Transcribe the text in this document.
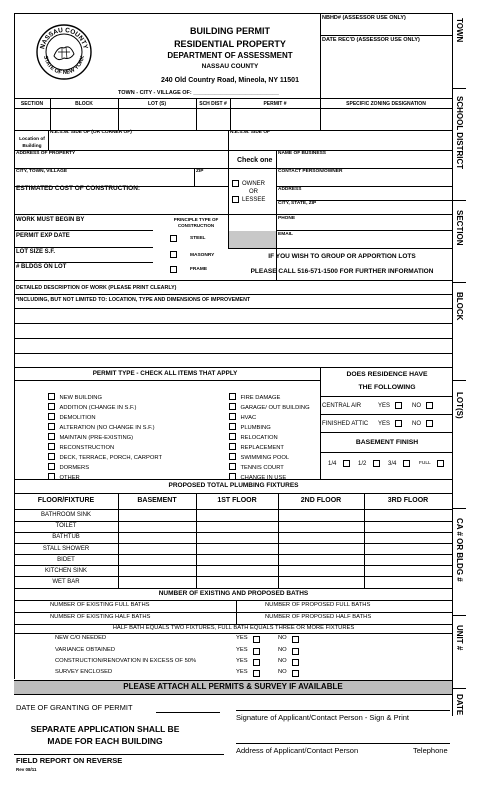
TOWN
SCHOOL DISTRICT
SECTION
BLOCK
LOT(S)
CA # OR BLDG #
UNIT #
DATE
NASSAU COUNTY
STATE OF NEW YORK
BUILDING PERMIT
RESIDENTIAL PROPERTY
DEPARTMENT OF ASSESSMENT
NASSAU COUNTY
240 Old Country Road, Mineola, NY 11501
TOWN - CITY - VILLAGE OF: ____________________________
NBHD# (ASSESSOR USE ONLY)
DATE REC'D (ASSESSOR USE ONLY)
SECTION	BLOCK	LOT (S)	SCH DIST #	PERMIT #	SPECIFIC ZONING DESIGNATION
Location of Building
N.E.S.W. SIDE OF (OR CORNER OF)	N.E.S.W. SIDE OF
ADDRESS OF PROPERTY
Check one
NAME OF BUSINESS
CITY, TOWN, VILLAGE	ZIP	CONTACT PERSON/OWNER
ESTIMATED COST OF CONSTRUCTION:
OWNER
OR
LESSEE
ADDRESS
CITY, STATE, ZIP
WORK MUST BEGIN BY	PRINCIPLE TYPE OF CONSTRUCTION
PHONE
PERMIT EXP DATE	EMAIL
STEEL
LOT SIZE S.F.
MASONRY	IF YOU WISH TO GROUP OR APPORTION LOTS
# BLDGS ON LOT	FRAME	PLEASE CALL 516-571-1500 FOR FURTHER INFORMATION
DETAILED DESCRIPTION OF WORK (PLEASE PRINT CLEARLY)
*INCLUDING, BUT NOT LIMITED TO: LOCATION, TYPE AND DIMENSIONS OF IMPROVEMENT
PERMIT TYPE - CHECK ALL ITEMS THAT APPLY
NEW BUILDING
ADDITION (CHANGE IN S.F.)
DEMOLITION
ALTERATION (NO CHANGE IN S.F.)
MAINTAIN (PRE-EXISTING)
RECONSTRUCTION
DECK, TERRACE, PORCH, CARPORT
DORMERS
OTHER ____________________________
FIRE DAMAGE
GARAGE/ OUT BUILDING
HVAC
PLUMBING
RELOCATION
REPLACEMENT
SWIMMING POOL
TENNIS COURT
CHANGE IN USE
DOES RESIDENCE HAVE
THE FOLLOWING
CENTRAL AIR	YES	NO
FINISHED ATTIC YES	NO
BASEMENT FINISH
1/4	1/2	3/4	FULL
PROPOSED TOTAL PLUMBING FIXTURES
FLOOR/FIXTURE	BASEMENT	1ST FLOOR	2ND FLOOR	3RD FLOOR
BATHROOM SINK
TOILET
BATHTUB
STALL SHOWER
BIDET
KITCHEN SINK
WET BAR
NUMBER OF EXISTING AND PROPOSED BATHS
NUMBER OF EXISTING FULL BATHS	NUMBER OF PROPOSED FULL BATHS
NUMBER OF EXISTING HALF BATHS	NUMBER OF PROPOSED HALF BATHS
HALF BATH EQUALS TWO FIXTURES, FULL BATH EQUALS THREE OR MORE FIXTURES
NEW C/O NEEDED	YES	NO
VARIANCE OBTAINED	YES	NO
CONSTRUCTION/RENOVATION IN EXCESS OF 50%	YES	NO
SURVEY ENCLOSED	YES	NO
PLEASE ATTACH ALL PERMITS & SURVEY IF AVAILABLE
DATE OF GRANTING OF PERMIT
Signature of Applicant/Contact Person - Sign & Print
SEPARATE APPLICATION SHALL BE
MADE FOR EACH BUILDING
Address of Applicant/Contact Person	Telephone
FIELD REPORT ON REVERSE
Rev 08/11
